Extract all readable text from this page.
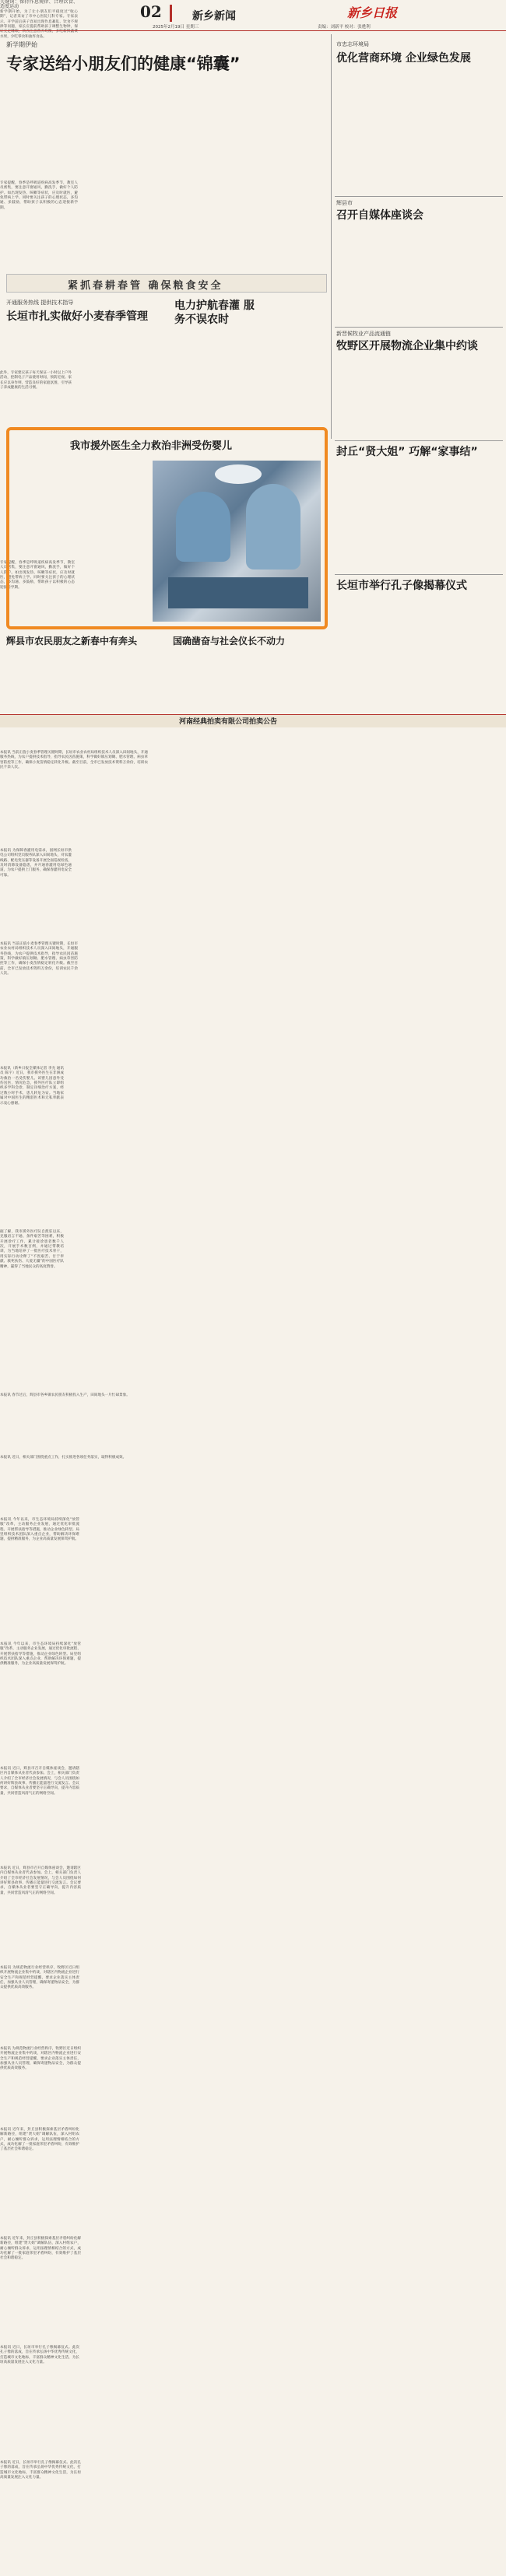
02	新乡新闻	新乡日报
2025年2月19日 星期三	责编：刘新平 校对：张甦利
新学期伊始
专家送给小朋友们的健康“锦囊”
关键词：保持作息规律、合理饮食、适度运动
新学期开始，为了让小朋友们平稳度过“收心期”，记者采访了市中心医院儿科专家。专家表示，开学前后孩子容易出现作息紊乱、饮食不规律等问题，家长应提前帮助孩子调整生物钟，保证充足睡眠，饮食注意营养均衡，多吃新鲜蔬菜水果，少吃零食和油炸食品。
专家提醒，春季是呼吸道疾病高发季节，教室人员密集，要注意开窗通风，勤洗手，做好个人防护。如出现发热、咳嗽等症状，应及时就医，避免带病上学。同时要关注孩子的心理状态，多沟通、多鼓励，帮助孩子以积极的心态迎接新学期。
此外，专家建议孩子每天保证一小时以上户外活动，控制电子产品使用时间，预防近视。家长应以身作则，营造良好的家庭氛围，引导孩子养成健康的生活习惯。
专家提醒，春季是呼吸道疾病高发季节，教室人员密集，要注意开窗通风，勤洗手，做好个人防护。如出现发热、咳嗽等症状，应及时就医，避免带病上学。同时要关注孩子的心理状态，多沟通、多鼓励，帮助孩子以积极的心态迎接新学期。
紧抓春耕春管 确保粮食安全
开通服务热线 提供技术指导
长垣市扎实做好小麦春季管理
本报讯 当前正值小麦春季管理关键时期，长垣市农业农村局组织技术人员深入田间地头，开通服务热线，为农户提供技术指导，指导农民因苗施策，科学做好镇压划锄、肥水管理、病虫草害防控等工作，确保小麦苗情稳定转化升级。截至目前，全市已发放技术资料万余份，培训农民千余人次。
电力护航春灌 服务不误农时
本报讯 为保障春灌用电需求，国网长垣市供电公司组织党员服务队深入田间地头，对农灌线路、配电变压器等设备开展全面巡视检查，及时消除设备隐患，并开通春灌用电绿色通道，为农户提供上门服务，确保春灌用电安全可靠。
本报讯 当前正值小麦春季管理关键时期，长垣市农业农村局组织技术人员深入田间地头，开通服务热线，为农户提供技术指导，指导农民因苗施策，科学做好镇压划锄、肥水管理、病虫草害防控等工作，确保小麦苗情稳定转化升级。截至目前，全市已发放技术资料万余份，培训农民千余人次。
我市援外医生全力救治非洲受伤婴儿
本报讯（新乡日报全媒体记者 李允 通讯员 陈宇）近日，我市援外医生在非洲成功救治一名受伤婴儿。该婴儿因意外受伤送医，情况危急，援外医疗队立即组织多学科会诊，制定详细治疗方案，经过数小时手术，患儿转危为安。当地家属对中国医生的精湛医术和无私奉献表示衷心感谢。
据了解，我市援外医疗队自派驻以来，克服语言不通、条件艰苦等困难，积极开展诊疗工作，累计接诊患者数千人次，开展手术数百例，并通过带教培训，为当地培养了一批医疗技术骨干，用实际行动诠释了“不畏艰苦、甘于奉献、救死扶伤、大爱无疆”的中国医疗队精神，赢得了当地民众的高度赞誉。
辉县市农民朋友之新春中有奔头
本报讯 春节过后，辉县市各乡镇农民朋友积极投入生产，田间地头一片忙碌景象。
国确凿奋与社会仪长不动力
本报讯 近日，相关部门围绕重点工作，扎实推进各项任务落实，取得积极成效。
市忠志环境局
优化营商环境 企业绿色发展
本报讯 今年以来，市生态环境局持续深化“放管服”改革，主动服务企业发展，通过优化审批流程、开展帮扶指导等措施，推动企业绿色转型。局里组织技术团队深入重点企业，帮助解决环保难题，提供精准服务，为企业高质量发展保驾护航。
本报讯 今年以来，市生态环境局持续深化“放管服”改革，主动服务企业发展，通过优化审批流程、开展帮扶指导等措施，推动企业绿色转型。局里组织技术团队深入重点企业，帮助解决环保难题，提供精准服务，为企业高质量发展保驾护航。
辉县市
召开自媒体座谈会
本报讯 近日，辉县市召开自媒体座谈会，邀请辖区内自媒体从业者代表参加。会上，相关部门负责人介绍了全市经济社会发展情况，与会人员围绕如何讲好辉县故事、传播正能量进行交流发言。会议要求，自媒体从业者要坚守正确导向，提升内容质量，共同营造风清气正的网络空间。
本报讯 近日，辉县市召开自媒体座谈会，邀请辖区内自媒体从业者代表参加。会上，相关部门负责人介绍了全市经济社会发展情况，与会人员围绕如何讲好辉县故事、传播正能量进行交流发言。会议要求，自媒体从业者要坚守正确导向，提升内容质量，共同营造风清气正的网络空间。
新晋候牧业产品流通链
牧野区开展物流企业集中约谈
本报讯 为规范物流行业经营秩序，牧野区近日组织开展物流企业集中约谈，对辖区内物流企业进行安全生产和规范经营提醒，要求企业落实主体责任，加强从业人员管理，确保寄递物品安全，为群众提供优质高效服务。
本报讯 为规范物流行业经营秩序，牧野区近日组织开展物流企业集中约谈，对辖区内物流企业进行安全生产和规范经营提醒，要求企业落实主体责任，加强从业人员管理，确保寄递物品安全，为群众提供优质高效服务。
封丘“贤大姐” 巧解“家事结”
本报讯 近年来，封丘县积极探索基层矛盾纠纷化解新路径，组建“贤大姐”调解队伍，深入村组农户，耐心倾听群众诉求，运用法理情相结合的方式，成功化解了一批家庭邻里矛盾纠纷，有效维护了基层社会和谐稳定。
本报讯 近年来，封丘县积极探索基层矛盾纠纷化解新路径，组建“贤大姐”调解队伍，深入村组农户，耐心倾听群众诉求，运用法理情相结合的方式，成功化解了一批家庭邻里矛盾纠纷，有效维护了基层社会和谐稳定。
长垣市举行孔子像揭幕仪式
本报讯 近日，长垣市举行孔子像揭幕仪式。此次孔子像的落成，旨在传承弘扬中华优秀传统文化，打造城市文化地标，丰富群众精神文化生活，为长垣高质量发展注入文化力量。
本报讯 近日，长垣市举行孔子像揭幕仪式。此次孔子像的落成，旨在传承弘扬中华优秀传统文化，打造城市文化地标，丰富群众精神文化生活，为长垣高质量发展注入文化力量。
河南经典拍卖有限公司拍卖公告
